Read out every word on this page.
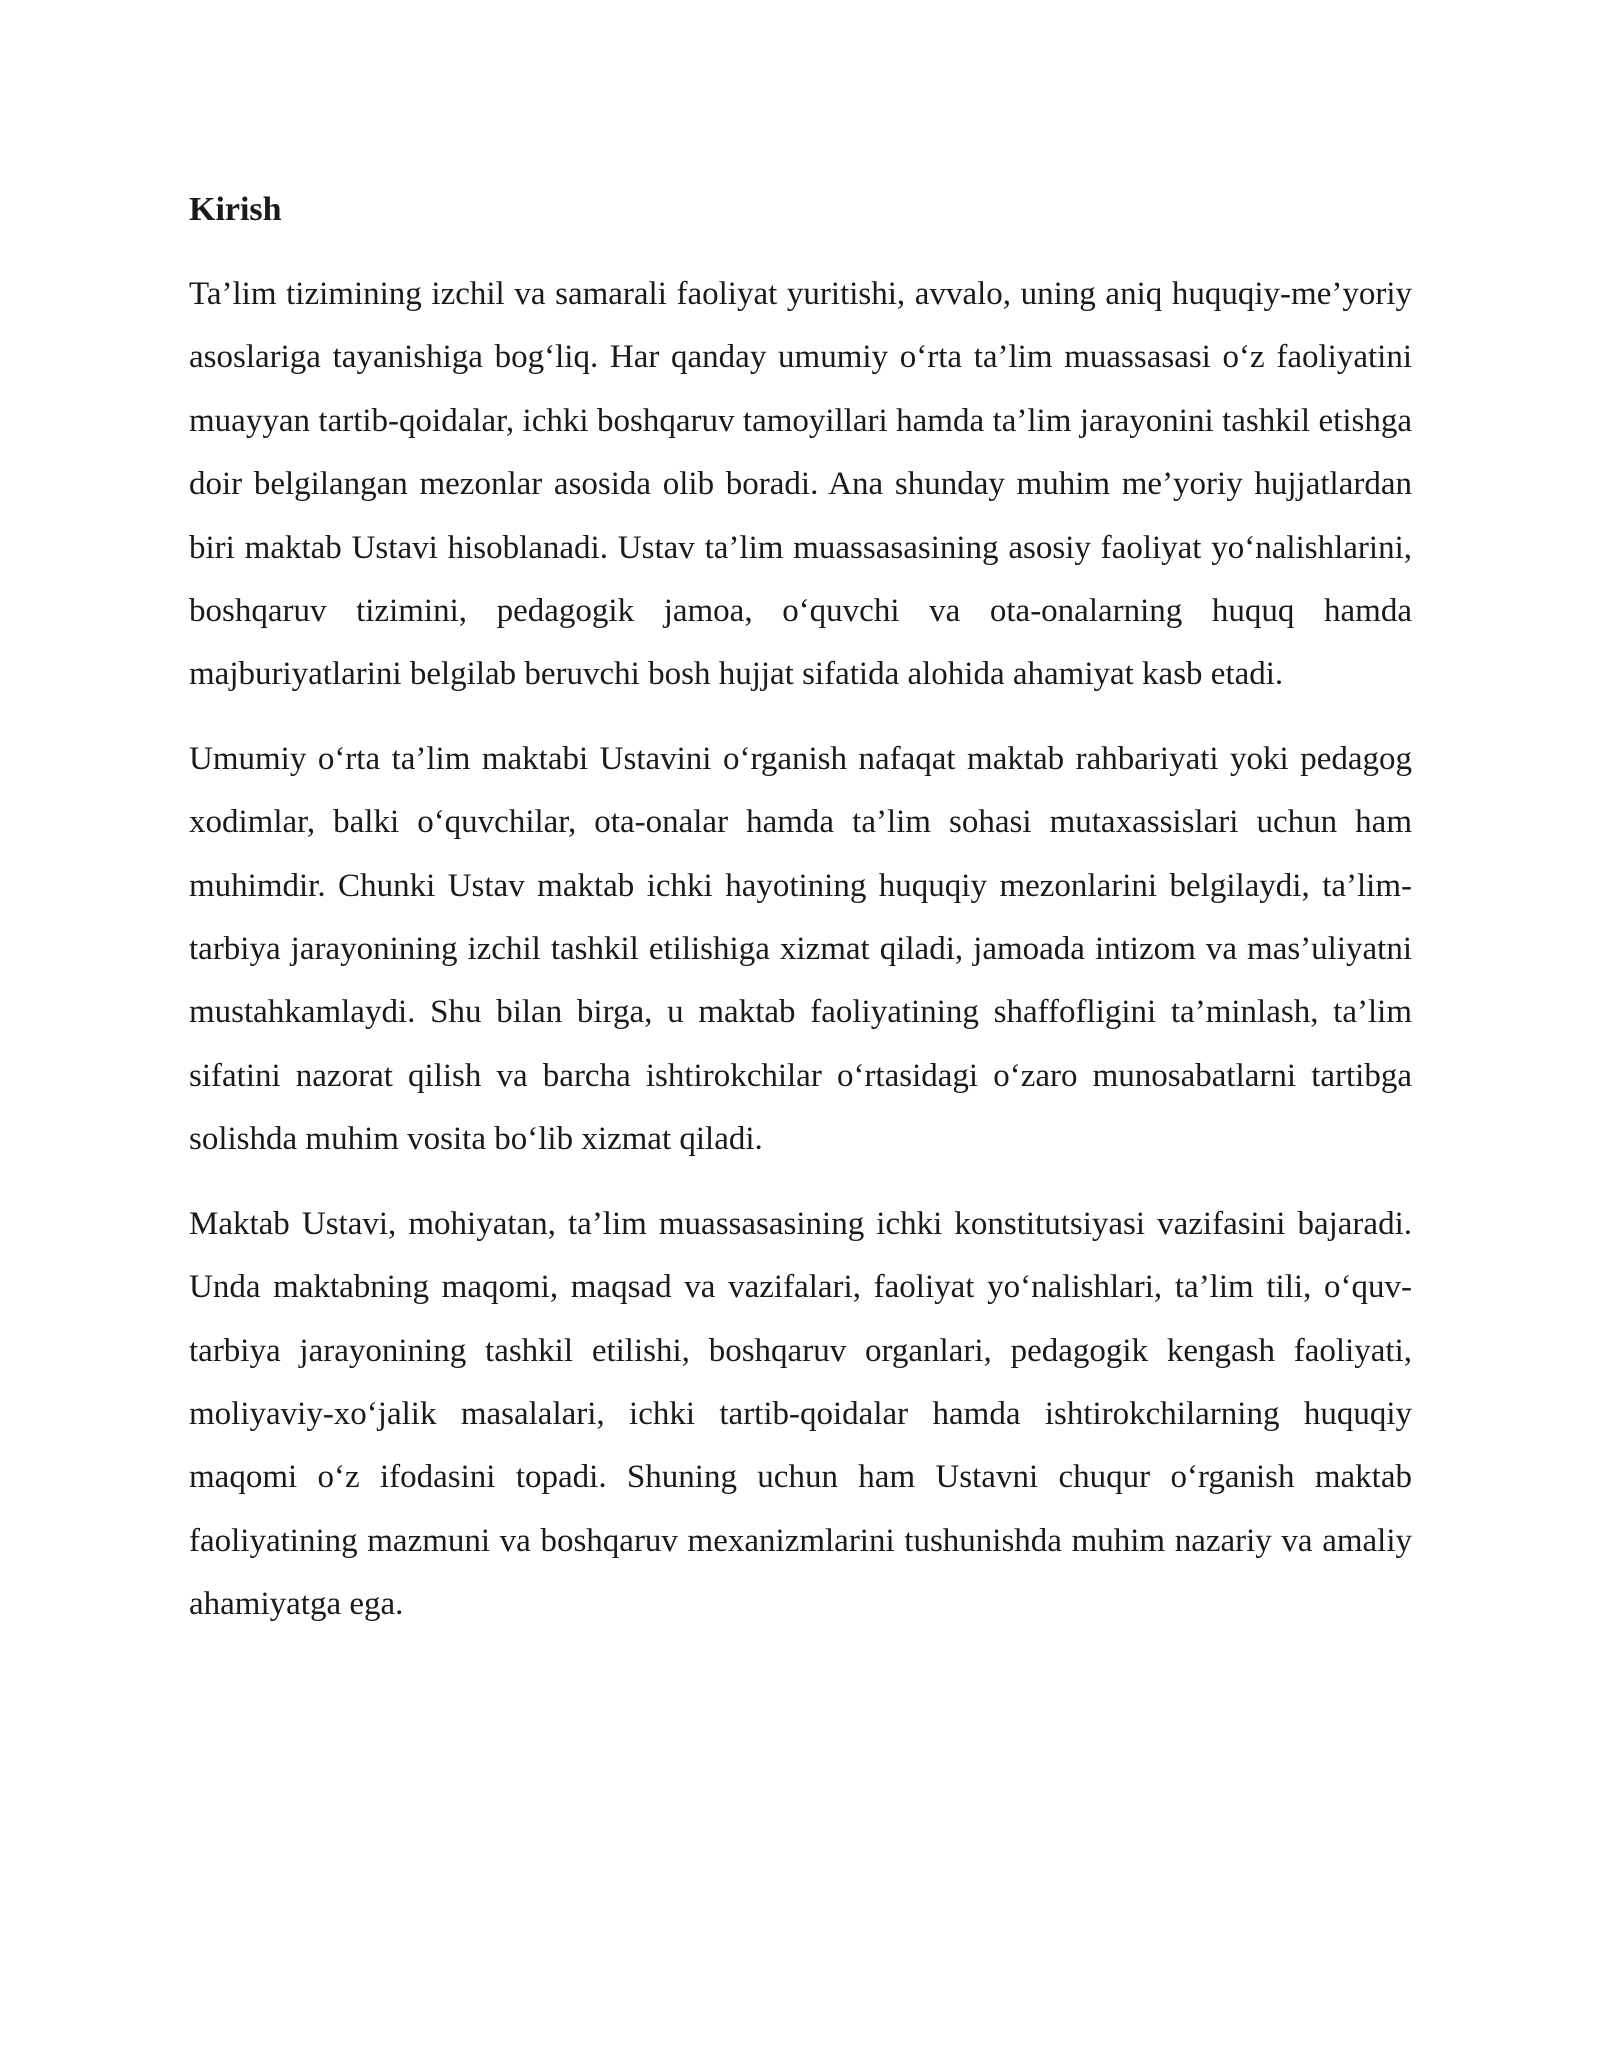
Kirish

Ta’lim tizimining izchil va samarali faoliyat yuritishi, avvalo, uning aniq huquqiy-me’yoriy asoslariga tayanishiga bog‘liq. Har qanday umumiy o‘rta ta’lim muassasasi o‘z faoliyatini muayyan tartib-qoidalar, ichki boshqaruv tamoyillari hamda ta’lim jarayonini tashkil etishga doir belgilangan mezonlar asosida olib boradi. Ana shunday muhim me’yoriy hujjatlardan biri maktab Ustavi hisoblanadi. Ustav ta’lim muassasasining asosiy faoliyat yo‘nalishlarini, boshqaruv tizimini, pedagogik jamoa, o‘quvchi va ota-onalarning huquq hamda majburiyatlarini belgilab beruvchi bosh hujjat sifatida alohida ahamiyat kasb etadi.

Umumiy o‘rta ta’lim maktabi Ustavini o‘rganish nafaqat maktab rahbariyati yoki pedagog xodimlar, balki o‘quvchilar, ota-onalar hamda ta’lim sohasi mutaxassislari uchun ham muhimdir. Chunki Ustav maktab ichki hayotining huquqiy mezonlarini belgilaydi, ta’lim-tarbiya jarayonining izchil tashkil etilishiga xizmat qiladi, jamoada intizom va mas’uliyatni mustahkamlaydi. Shu bilan birga, u maktab faoliyatining shaffofligini ta’minlash, ta’lim sifatini nazorat qilish va barcha ishtirokchilar o‘rtasidagi o‘zaro munosabatlarni tartibga solishda muhim vosita bo‘lib xizmat qiladi.

Maktab Ustavi, mohiyatan, ta’lim muassasasining ichki konstitutsiyasi vazifasini bajaradi. Unda maktabning maqomi, maqsad va vazifalari, faoliyat yo‘nalishlari, ta’lim tili, o‘quv-tarbiya jarayonining tashkil etilishi, boshqaruv organlari, pedagogik kengash faoliyati, moliyaviy-xo‘jalik masalalari, ichki tartib-qoidalar hamda ishtirokchilarning huquqiy maqomi o‘z ifodasini topadi. Shuning uchun ham Ustavni chuqur o‘rganish maktab faoliyatining mazmuni va boshqaruv mexanizmlarini tushunishda muhim nazariy va amaliy ahamiyatga ega.
